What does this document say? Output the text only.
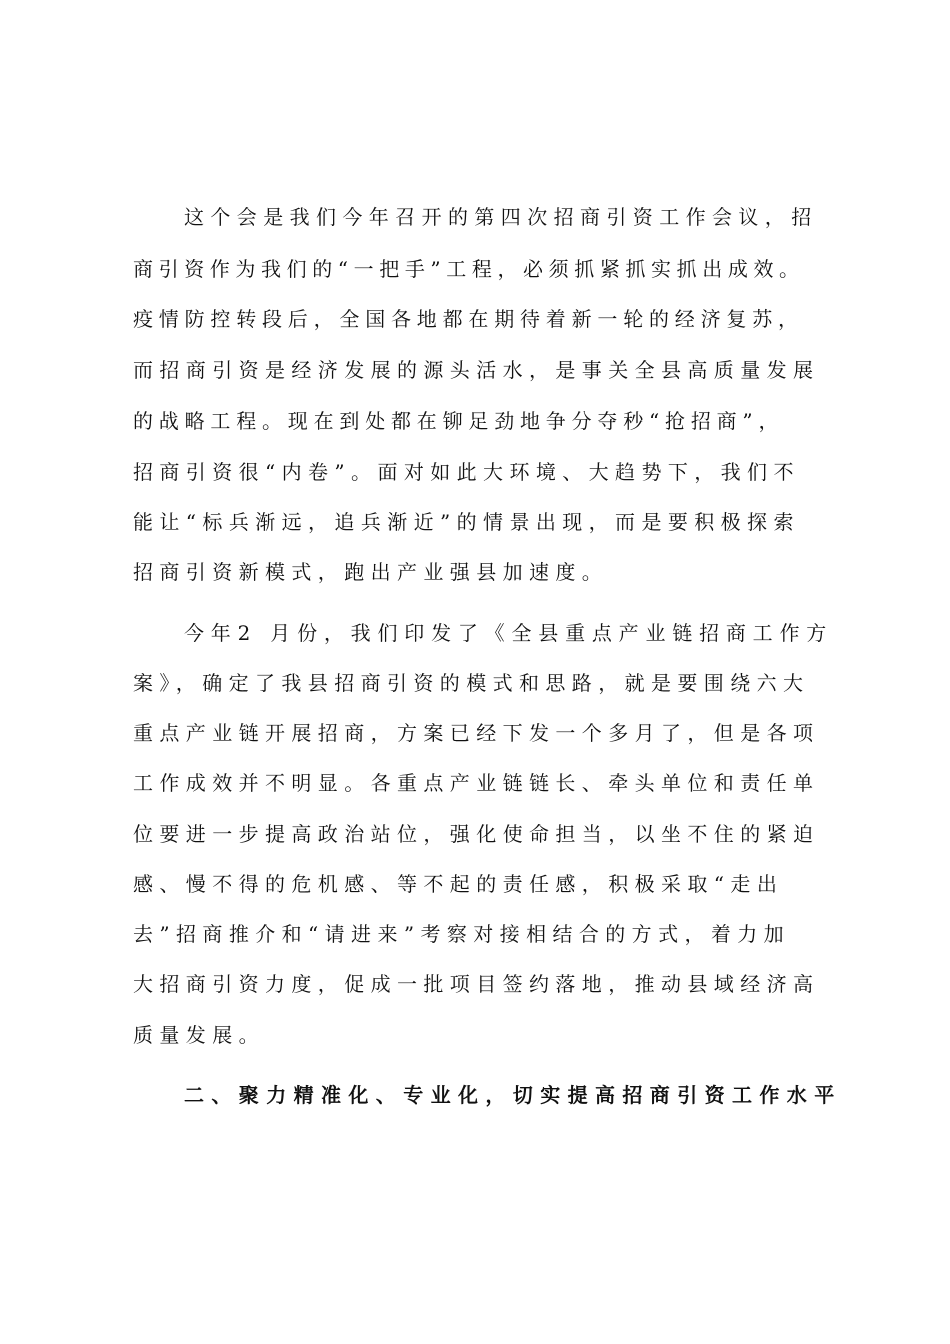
这个会是我们今年召开的第四次招商引资工作会议，招
商引资作为我们的“一把手”工程，必须抓紧抓实抓出成效。
疫情防控转段后，全国各地都在期待着新一轮的经济复苏，
而招商引资是经济发展的源头活水，是事关全县高质量发展
的战略工程。现在到处都在铆足劲地争分夺秒“抢招商”，
招商引资很“内卷”。面对如此大环境、大趋势下，我们不
能让“标兵渐远，追兵渐近”的情景出现，而是要积极探索
招商引资新模式，跑出产业强县加速度。
今年2 月份，我们印发了《全县重点产业链招商工作方
案》，确定了我县招商引资的模式和思路，就是要围绕六大
重点产业链开展招商，方案已经下发一个多月了，但是各项
工作成效并不明显。各重点产业链链长、牵头单位和责任单
位要进一步提高政治站位，强化使命担当，以坐不住的紧迫
感、慢不得的危机感、等不起的责任感，积极采取“走出
去”招商推介和“请进来”考察对接相结合的方式，着力加
大招商引资力度，促成一批项目签约落地，推动县域经济高
质量发展。
二、聚力精准化、专业化，切实提高招商引资工作水平
